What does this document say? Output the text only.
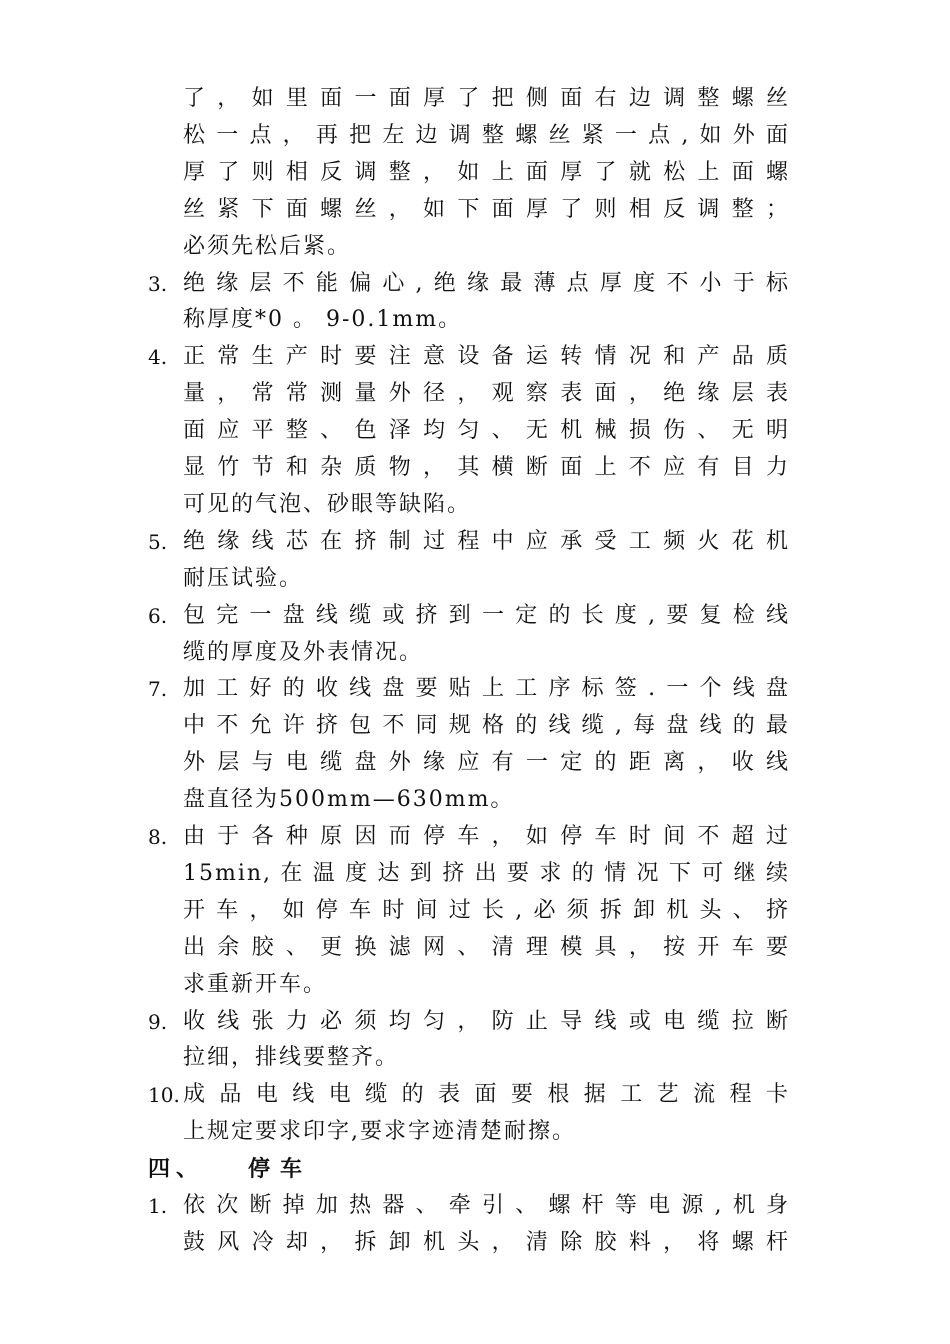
了，如里面一面厚了把侧面右边调整螺丝
松一点，再把左边调整螺丝紧一点,如外面
厚了则相反调整，如上面厚了就松上面螺
丝紧下面螺丝，如下面厚了则相反调整；
必须先松后紧。
3. 绝缘层不能偏心,绝缘最薄点厚度不小于标
称厚度*0 。 9-0.1mm。
4. 正常生产时要注意设备运转情况和产品质
量，常常测量外径，观察表面，绝缘层表
面应平整、色泽均匀、无机械损伤、无明
显竹节和杂质物，其横断面上不应有目力
可见的气泡、砂眼等缺陷。
5. 绝缘线芯在挤制过程中应承受工频火花机
耐压试验。
6. 包完一盘线缆或挤到一定的长度,要复检线
缆的厚度及外表情况。
7. 加工好的收线盘要贴上工序标签.一个线盘
中不允许挤包不同规格的线缆,每盘线的最
外层与电缆盘外缘应有一定的距离，收线
盘直径为500mm—630mm。
8. 由于各种原因而停车，如停车时间不超过
15min,在温度达到挤出要求的情况下可继续
开车，如停车时间过长,必须拆卸机头、挤
出余胶、更换滤网、清理模具，按开车要
求重新开车。
9. 收线张力必须均匀，防止导线或电缆拉断
拉细，排线要整齐。
10. 成品电线电缆的表面要根据工艺流程卡
上规定要求印字,要求字迹清楚耐擦。
四、 停车
1. 依次断掉加热器、牵引、螺杆等电源,机身
鼓风冷却，拆卸机头，清除胶料，将螺杆
